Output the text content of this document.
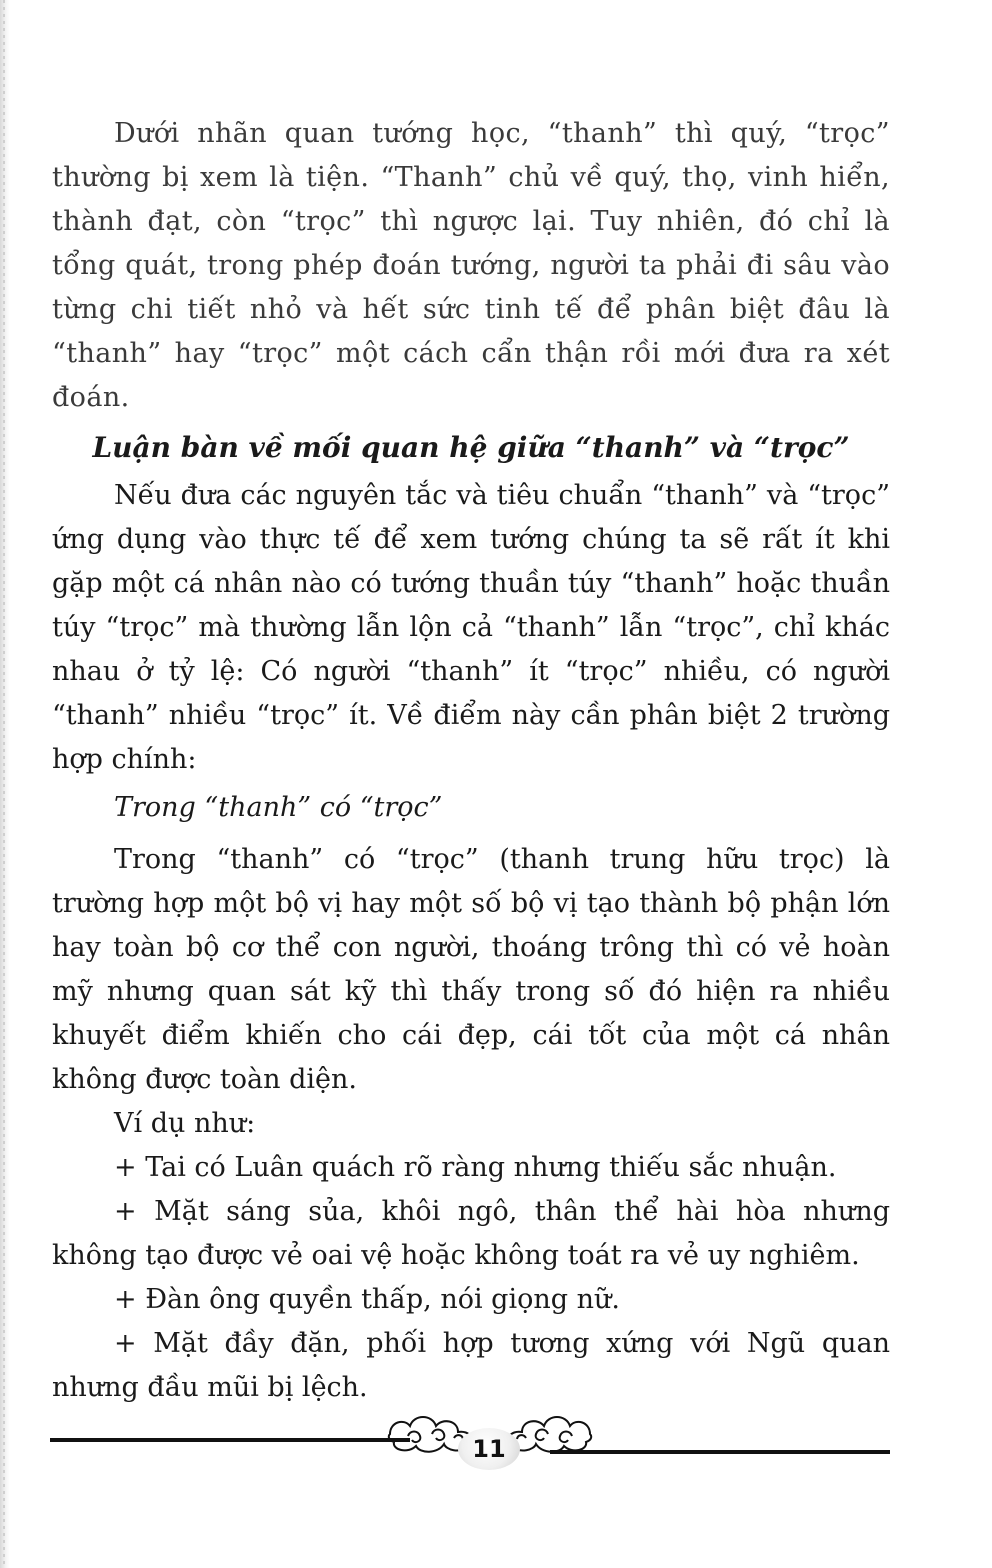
Dưới nhãn quan tướng học, “thanh” thì quý, “trọc” thường bị xem là tiện. “Thanh” chủ về quý, thọ, vinh hiển, thành đạt, còn “trọc” thì ngược lại. Tuy nhiên, đó chỉ là tổng quát, trong phép đoán tướng, người ta phải đi sâu vào từng chi tiết nhỏ và hết sức tinh tế để phân biệt đâu là “thanh” hay “trọc” một cách cẩn thận rồi mới đưa ra xét đoán.

Luận bàn về mối quan hệ giữa “thanh” và “trọc”

Nếu đưa các nguyên tắc và tiêu chuẩn “thanh” và “trọc” ứng dụng vào thực tế để xem tướng chúng ta sẽ rất ít khi gặp một cá nhân nào có tướng thuần túy “thanh” hoặc thuần túy “trọc” mà thường lẫn lộn cả “thanh” lẫn “trọc”, chỉ khác nhau ở tỷ lệ: Có người “thanh” ít “trọc” nhiều, có người “thanh” nhiều “trọc” ít. Về điểm này cần phân biệt 2 trường hợp chính:

Trong “thanh” có “trọc”

Trong “thanh” có “trọc” (thanh trung hữu trọc) là trường hợp một bộ vị hay một số bộ vị tạo thành bộ phận lớn hay toàn bộ cơ thể con người, thoáng trông thì có vẻ hoàn mỹ nhưng quan sát kỹ thì thấy trong số đó hiện ra nhiều khuyết điểm khiến cho cái đẹp, cái tốt của một cá nhân không được toàn diện.

Ví dụ như:

+ Tai có Luân quách rõ ràng nhưng thiếu sắc nhuận.

+ Mặt sáng sủa, khôi ngô, thân thể hài hòa nhưng không tạo được vẻ oai vệ hoặc không toát ra vẻ uy nghiêm.

+ Đàn ông quyền thấp, nói giọng nữ.

+ Mặt đầy đặn, phối hợp tương xứng với Ngũ quan nhưng đầu mũi bị lệch.

11
